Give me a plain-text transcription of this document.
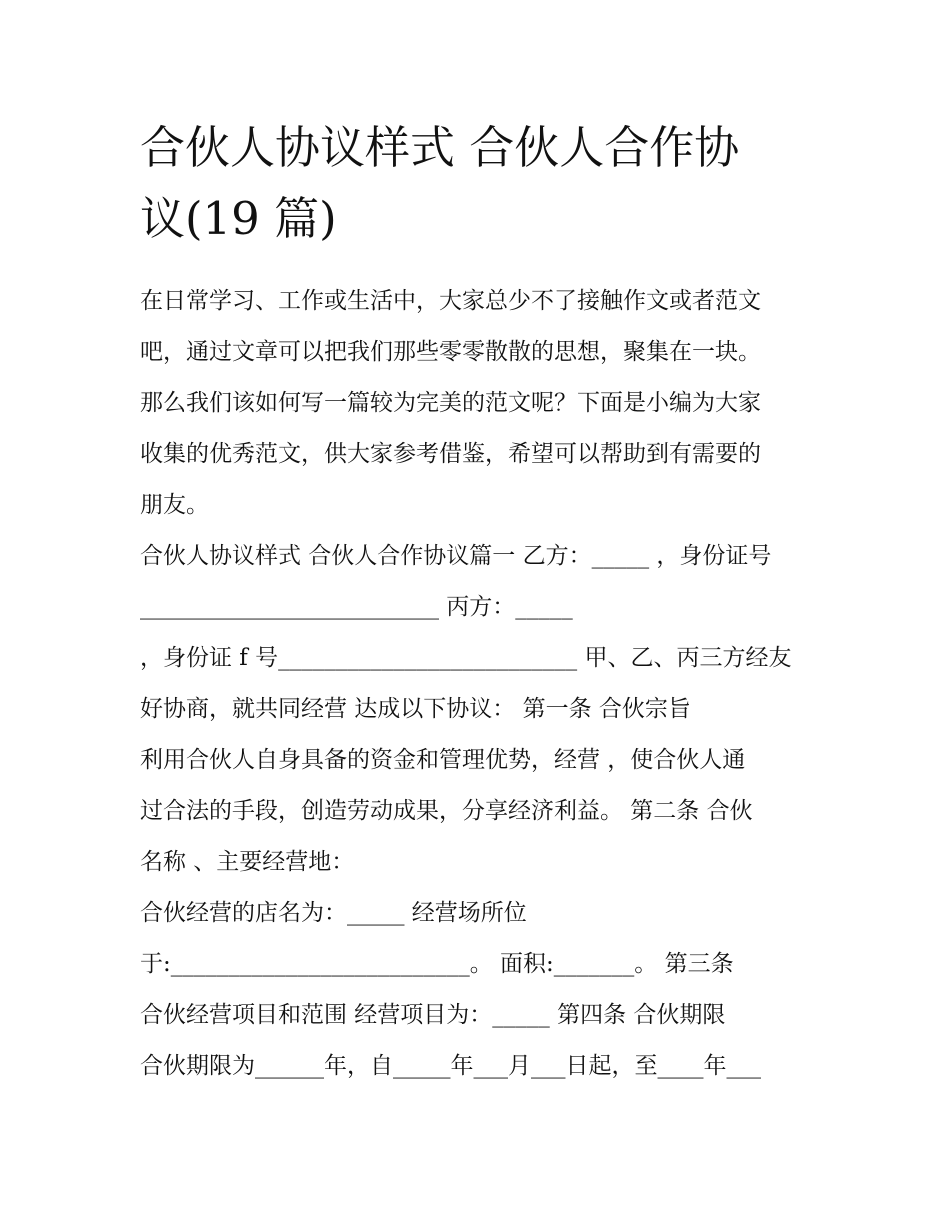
合伙人协议样式 合伙人合作协
议(19 篇)
在日常学习、工作或生活中，大家总少不了接触作文或者范文
吧，通过文章可以把我们那些零零散散的思想，聚集在一块。
那么我们该如何写一篇较为完美的范文呢？下面是小编为大家
收集的优秀范文，供大家参考借鉴，希望可以帮助到有需要的
朋友。
合伙人协议样式 合伙人合作协议篇一 乙方：_____ ，身份证号
__________________________ 丙方：_____
，身份证 f 号__________________________ 甲、乙、丙三方经友
好协商，就共同经营 达成以下协议： 第一条 合伙宗旨
利用合伙人自身具备的资金和管理优势，经营 ，使合伙人通
过合法的手段，创造劳动成果，分享经济利益。 第二条 合伙
名称 、主要经营地：
合伙经营的店名为：_____ 经营场所位
于:__________________________。 面积:_______。 第三条
合伙经营项目和范围 经营项目为：_____ 第四条 合伙期限
合伙期限为______年，自_____年___月___日起，至____年___
